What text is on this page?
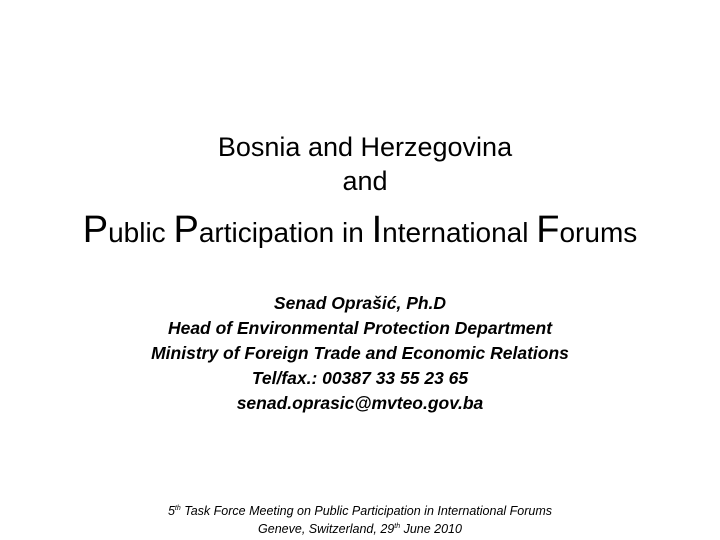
Bosnia and Herzegovina

and

Public Participation in International Forums

Senad Oprašić, Ph.D

Head of Environmental Protection Department

Ministry of Foreign Trade and Economic Relations

Tel/fax.: 00387 33 55 23 65

senad.oprasic@mvteo.gov.ba

5th Task Force Meeting on Public Participation in International Forums

Geneve, Switzerland, 29th June 2010
